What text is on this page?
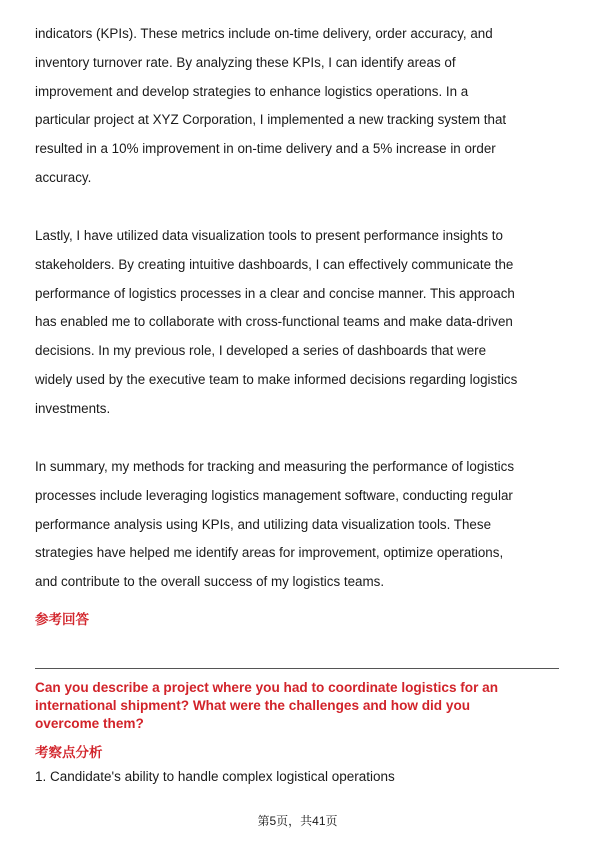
indicators (KPIs). These metrics include on-time delivery, order accuracy, and
inventory turnover rate. By analyzing these KPIs, I can identify areas of
improvement and develop strategies to enhance logistics operations. In a
particular project at XYZ Corporation, I implemented a new tracking system that
resulted in a 10% improvement in on-time delivery and a 5% increase in order
accuracy.

Lastly, I have utilized data visualization tools to present performance insights to
stakeholders. By creating intuitive dashboards, I can effectively communicate the
performance of logistics processes in a clear and concise manner. This approach
has enabled me to collaborate with cross-functional teams and make data-driven
decisions. In my previous role, I developed a series of dashboards that were
widely used by the executive team to make informed decisions regarding logistics
investments.

In summary, my methods for tracking and measuring the performance of logistics
processes include leveraging logistics management software, conducting regular
performance analysis using KPIs, and utilizing data visualization tools. These
strategies have helped me identify areas for improvement, optimize operations,
and contribute to the overall success of my logistics teams.

参考回答

Can you describe a project where you had to coordinate logistics for an
international shipment? What were the challenges and how did you
overcome them?

考察点分析
1. Candidate's ability to handle complex logistical operations
第5页，共41页
